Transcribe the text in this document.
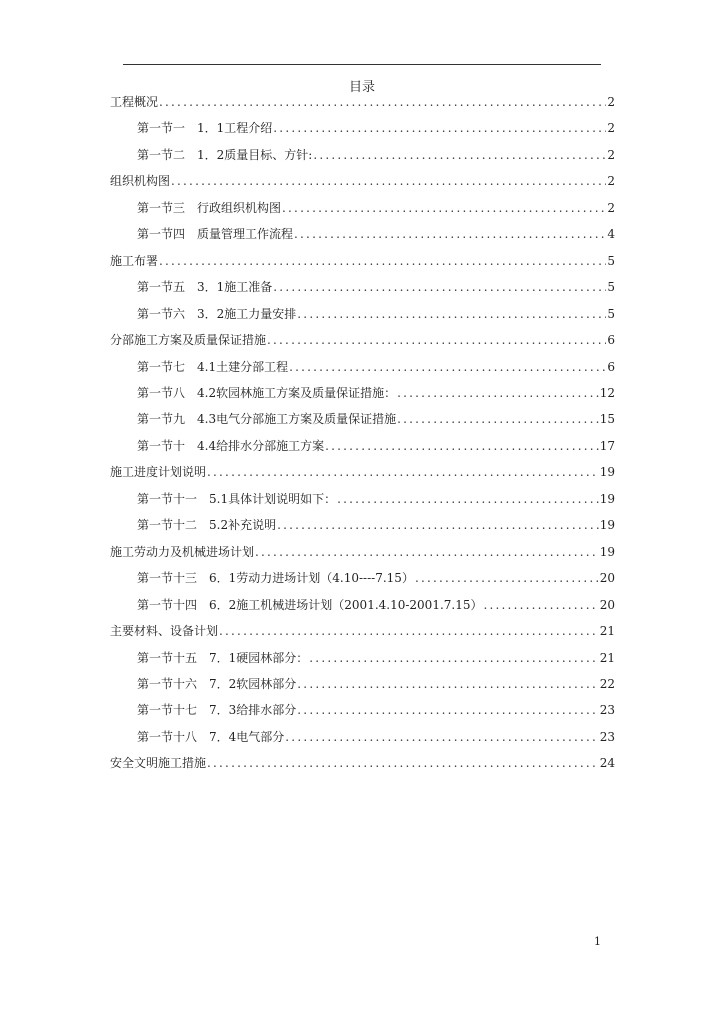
目录
工程概况 .....	2
第一节一 1．1工程介绍 .....	2
第一节二 1．2质量目标、方针: .....	2
组织机构图 .....	2
第一节三 行政组织机构图 .....	2
第一节四 质量管理工作流程 .....	4
施工布署 .....	5
第一节五 3．1施工准备 .....	5
第一节六 3．2施工力量安排 .....	5
分部施工方案及质量保证措施 .....	6
第一节七 4.1土建分部工程 .....	6
第一节八 4.2软园林施工方案及质量保证措施： .....	12
第一节九 4.3电气分部施工方案及质量保证措施 .....	15
第一节十 4.4给排水分部施工方案 .....	17
施工进度计划说明 .....	19
第一节十一 5.1具体计划说明如下： .....	19
第一节十二 5.2补充说明 .....	19
施工劳动力及机械进场计划 .....	19
第一节十三 6．1劳动力进场计划（4.10----7.15） .....	20
第一节十四 6．2施工机械进场计划（2001.4.10-2001.7.15） .....	20
主要材料、设备计划 .....	21
第一节十五 7．1硬园林部分： .....	21
第一节十六 7．2软园林部分 .....	22
第一节十七 7．3给排水部分 .....	23
第一节十八 7．4电气部分 .....	23
安全文明施工措施 .....	24
1
